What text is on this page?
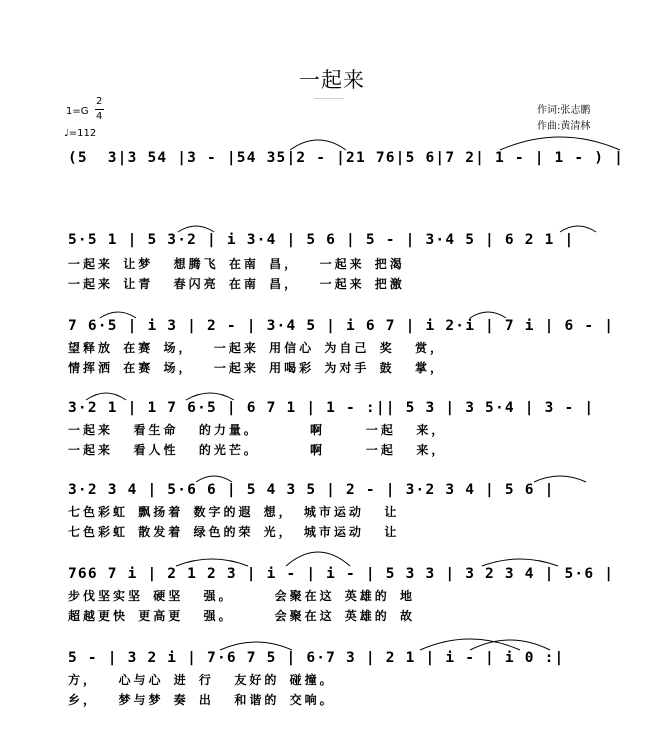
一起来
1=G
2
4
♩=112
作词:张志鹏
作曲:黄清林
(5  3|3 54 |3 - |54 35|2 - |21 76|5 6|7 2| 1 - | 1 - ) |
5·5 1 | 5 3·2 | i 3·4 | 5 6 | 5 - | 3·4 5 | 6 2 1 |
一起来 让梦  想腾飞 在南 昌，  一起来 把渴
一起来 让青  春闪亮 在南 昌，  一起来 把激
7 6·5 | i 3 | 2 - | 3·4 5 | i 6 7 | i 2·i | 7 i | 6 - |
望释放 在赛 场，  一起来 用信心 为自己 奖  赏，
情挥洒 在赛 场，  一起来 用喝彩 为对手 鼓  掌，
3·2 1 | 1 7 6·5 | 6 7 1 | 1 - :|| 5 3 | 3 5·4 | 3 - |
一起来  看生命  的力量。     啊    一起  来，
一起来  看人性  的光芒。     啊    一起  来，
3·2 3 4 | 5·6 6 | 5 4 3 5 | 2 - | 3·2 3 4 | 5 6 |
七色彩虹 飘扬着 数字的遐 想， 城市运动  让
七色彩虹 散发着 绿色的荣 光， 城市运动  让
766 7 i | 2 1 2 3 | i - | i - | 5 3 3 | 3 2 3 4 | 5·6 |
步伐坚实坚 硬坚  强。    会聚在这 英雄的 地
超越更快 更高更  强。    会聚在这 英雄的 故
5 - | 3 2 i | 7·6 7 5 | 6·7 3 | 2 1 | i - | i 0 :|
方，  心与心 进 行  友好的 碰撞。
乡，  梦与梦 奏 出  和谐的 交响。
